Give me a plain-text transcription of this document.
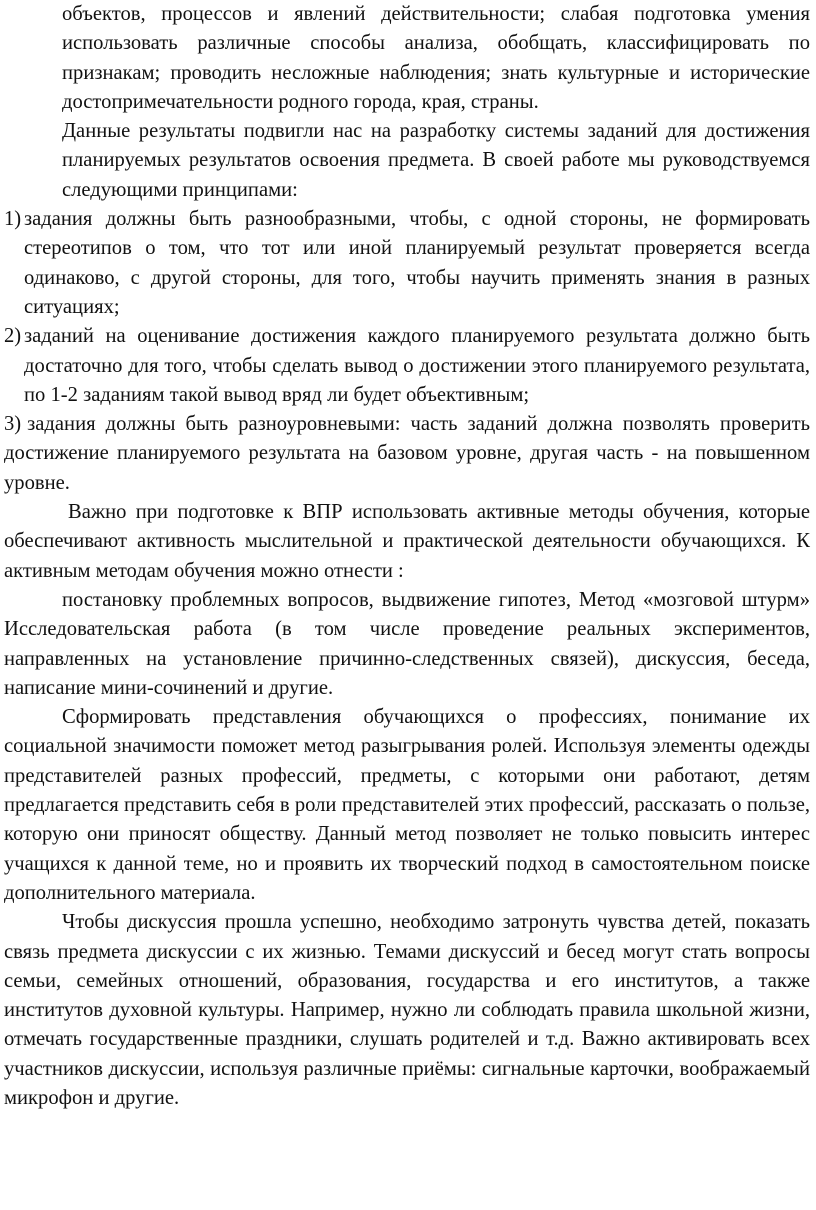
объектов, процессов и явлений действительности; слабая подготовка умения использовать различные способы анализа, обобщать, классифицировать по признакам; проводить несложные наблюдения; знать культурные и исторические достопримечательности родного города, края, страны.

Данные результаты подвигли нас на разработку системы заданий для достижения планируемых результатов освоения предмета. В своей работе мы руководствуемся следующими принципами:

1) задания должны быть разнообразными, чтобы, с одной стороны, не формировать стереотипов о том, что тот или иной планируемый результат проверяется всегда одинаково, с другой стороны, для того, чтобы научить применять знания в разных ситуациях;
2) заданий на оценивание достижения каждого планируемого результата должно быть достаточно для того, чтобы сделать вывод о достижении этого планируемого результата, по 1-2 заданиям такой вывод вряд ли будет объективным;
3) задания должны быть разноуровневыми: часть заданий должна позволять проверить достижение планируемого результата на базовом уровне, другая часть - на повышенном уровне.

Важно при подготовке к ВПР использовать активные методы обучения, которые обеспечивают активность мыслительной и практической деятельности обучающихся. К активным методам обучения можно отнести :

постановку проблемных вопросов, выдвижение гипотез, Метод «мозговой штурм» Исследовательская работа (в том числе проведение реальных экспериментов, направленных на установление причинно-следственных связей), дискуссия, беседа, написание мини-сочинений и другие.

Сформировать представления обучающихся о профессиях, понимание их социальной значимости поможет метод разыгрывания ролей. Используя элементы одежды представителей разных профессий, предметы, с которыми они работают, детям предлагается представить себя в роли представителей этих профессий, рассказать о пользе, которую они приносят обществу. Данный метод позволяет не только повысить интерес учащихся к данной теме, но и проявить их творческий подход в самостоятельном поиске дополнительного материала.

Чтобы дискуссия прошла успешно, необходимо затронуть чувства детей, показать связь предмета дискуссии с их жизнью. Темами дискуссий и бесед могут стать вопросы семьи, семейных отношений, образования, государства и его институтов, а также институтов духовной культуры. Например, нужно ли соблюдать правила школьной жизни, отмечать государственные праздники, слушать родителей и т.д. Важно активировать всех участников дискуссии, используя различные приёмы: сигнальные карточки, воображаемый микрофон и другие.
